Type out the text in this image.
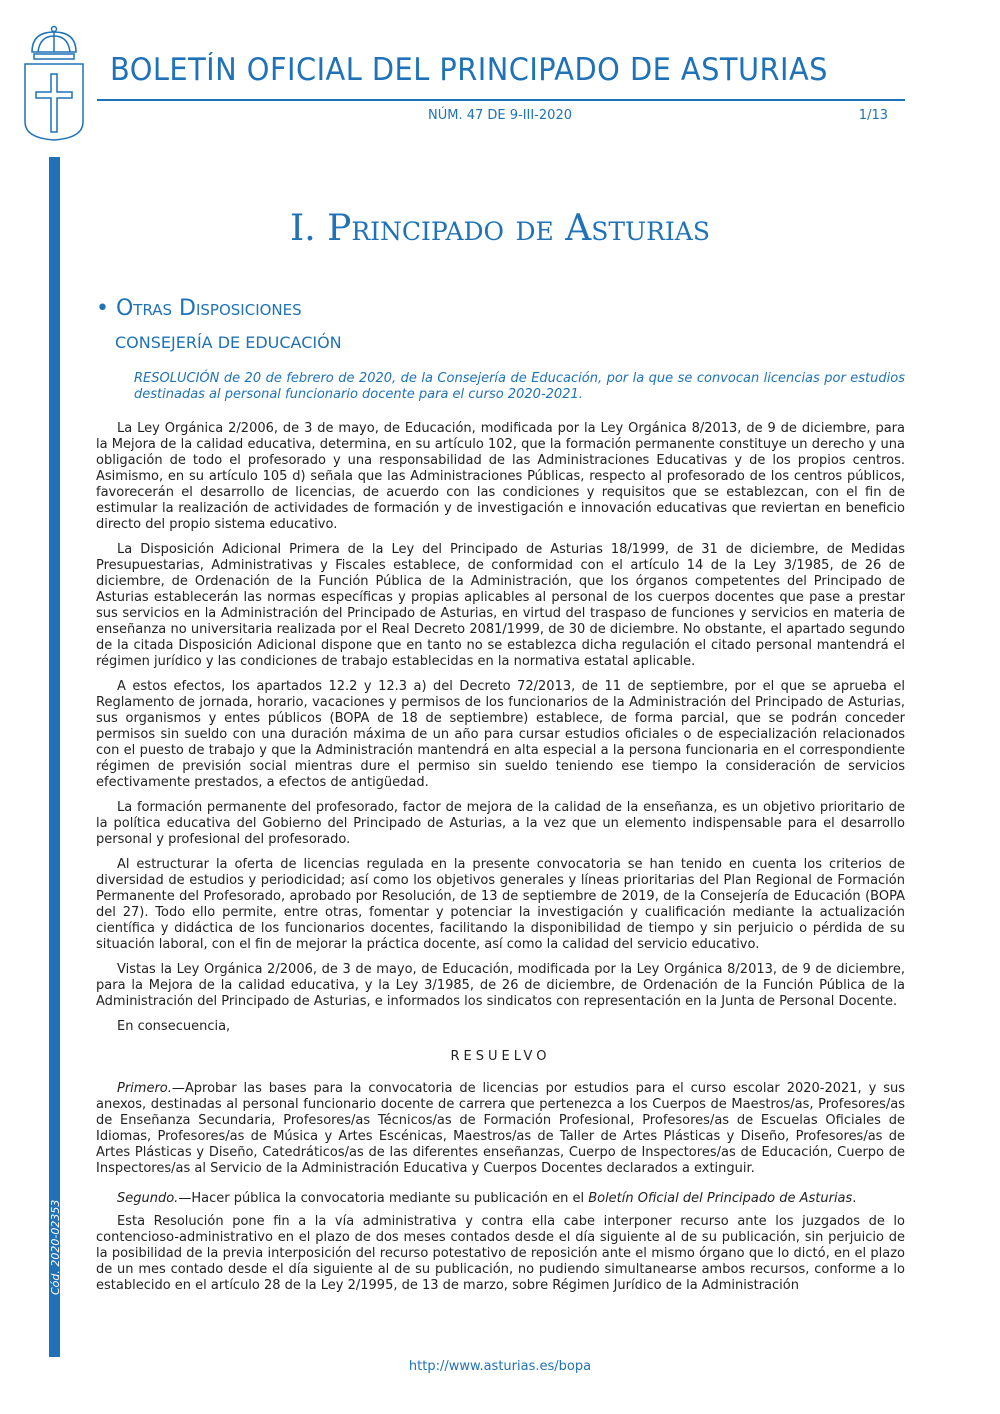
BOLETÍN OFICIAL DEL PRINCIPADO DE ASTURIAS
NÚM. 47 DE 9-III-2020	1/13
Cód. 2020-02353
I. Principado de Asturias
• Otras Disposiciones
CONSEJERÍA DE EDUCACIÓN
RESOLUCIÓN de 20 de febrero de 2020, de la Consejería de Educación, por la que se convocan licencias por estudios destinadas al personal funcionario docente para el curso 2020-2021.

La Ley Orgánica 2/2006, de 3 de mayo, de Educación, modificada por la Ley Orgánica 8/2013, de 9 de diciembre, para la Mejora de la calidad educativa, determina, en su artículo 102, que la formación permanente constituye un derecho y una obligación de todo el profesorado y una responsabilidad de las Administraciones Educativas y de los propios centros. Asimismo, en su artículo 105 d) señala que las Administraciones Públicas, respecto al profesorado de los centros públicos, favorecerán el desarrollo de licencias, de acuerdo con las condiciones y requisitos que se establezcan, con el fin de estimular la realización de actividades de formación y de investigación e innovación educativas que reviertan en beneficio directo del propio sistema educativo.

La Disposición Adicional Primera de la Ley del Principado de Asturias 18/1999, de 31 de diciembre, de Medidas Presupuestarias, Administrativas y Fiscales establece, de conformidad con el artículo 14 de la Ley 3/1985, de 26 de diciembre, de Ordenación de la Función Pública de la Administración, que los órganos competentes del Principado de Asturias establecerán las normas específicas y propias aplicables al personal de los cuerpos docentes que pase a prestar sus servicios en la Administración del Principado de Asturias, en virtud del traspaso de funciones y servicios en materia de enseñanza no universitaria realizada por el Real Decreto 2081/1999, de 30 de diciembre. No obstante, el apartado segundo de la citada Disposición Adicional dispone que en tanto no se establezca dicha regulación el citado personal mantendrá el régimen jurídico y las condiciones de trabajo establecidas en la normativa estatal aplicable.

A estos efectos, los apartados 12.2 y 12.3 a) del Decreto 72/2013, de 11 de septiembre, por el que se aprueba el Reglamento de jornada, horario, vacaciones y permisos de los funcionarios de la Administración del Principado de Asturias, sus organismos y entes públicos (BOPA de 18 de septiembre) establece, de forma parcial, que se podrán conceder permisos sin sueldo con una duración máxima de un año para cursar estudios oficiales o de especialización relacionados con el puesto de trabajo y que la Administración mantendrá en alta especial a la persona funcionaria en el correspondiente régimen de previsión social mientras dure el permiso sin sueldo teniendo ese tiempo la consideración de servicios efectivamente prestados, a efectos de antigüedad.

La formación permanente del profesorado, factor de mejora de la calidad de la enseñanza, es un objetivo prioritario de la política educativa del Gobierno del Principado de Asturias, a la vez que un elemento indispensable para el desarrollo personal y profesional del profesorado.

Al estructurar la oferta de licencias regulada en la presente convocatoria se han tenido en cuenta los criterios de diversidad de estudios y periodicidad; así como los objetivos generales y líneas prioritarias del Plan Regional de Formación Permanente del Profesorado, aprobado por Resolución, de 13 de septiembre de 2019, de la Consejería de Educación (BOPA del 27). Todo ello permite, entre otras, fomentar y potenciar la investigación y cualificación mediante la actualización científica y didáctica de los funcionarios docentes, facilitando la disponibilidad de tiempo y sin perjuicio o pérdida de su situación laboral, con el fin de mejorar la práctica docente, así como la calidad del servicio educativo.

Vistas la Ley Orgánica 2/2006, de 3 de mayo, de Educación, modificada por la Ley Orgánica 8/2013, de 9 de diciembre, para la Mejora de la calidad educativa, y la Ley 3/1985, de 26 de diciembre, de Ordenación de la Función Pública de la Administración del Principado de Asturias, e informados los sindicatos con representación en la Junta de Personal Docente.

En consecuencia,

RESUELVO

Primero.—Aprobar las bases para la convocatoria de licencias por estudios para el curso escolar 2020-2021, y sus anexos, destinadas al personal funcionario docente de carrera que pertenezca a los Cuerpos de Maestros/as, Profesores/as de Enseñanza Secundaria, Profesores/as Técnicos/as de Formación Profesional, Profesores/as de Escuelas Oficiales de Idiomas, Profesores/as de Música y Artes Escénicas, Maestros/as de Taller de Artes Plásticas y Diseño, Profesores/as de Artes Plásticas y Diseño, Catedráticos/as de las diferentes enseñanzas, Cuerpo de Inspectores/as de Educación, Cuerpo de Inspectores/as al Servicio de la Administración Educativa y Cuerpos Docentes declarados a extinguir.

Segundo.—Hacer pública la convocatoria mediante su publicación en el Boletín Oficial del Principado de Asturias.

Esta Resolución pone fin a la vía administrativa y contra ella cabe interponer recurso ante los juzgados de lo contencioso-administrativo en el plazo de dos meses contados desde el día siguiente al de su publicación, sin perjuicio de la posibilidad de la previa interposición del recurso potestativo de reposición ante el mismo órgano que lo dictó, en el plazo de un mes contado desde el día siguiente al de su publicación, no pudiendo simultanearse ambos recursos, conforme a lo establecido en el artículo 28 de la Ley 2/1995, de 13 de marzo, sobre Régimen Jurídico de la Administración

http://www.asturias.es/bopa
